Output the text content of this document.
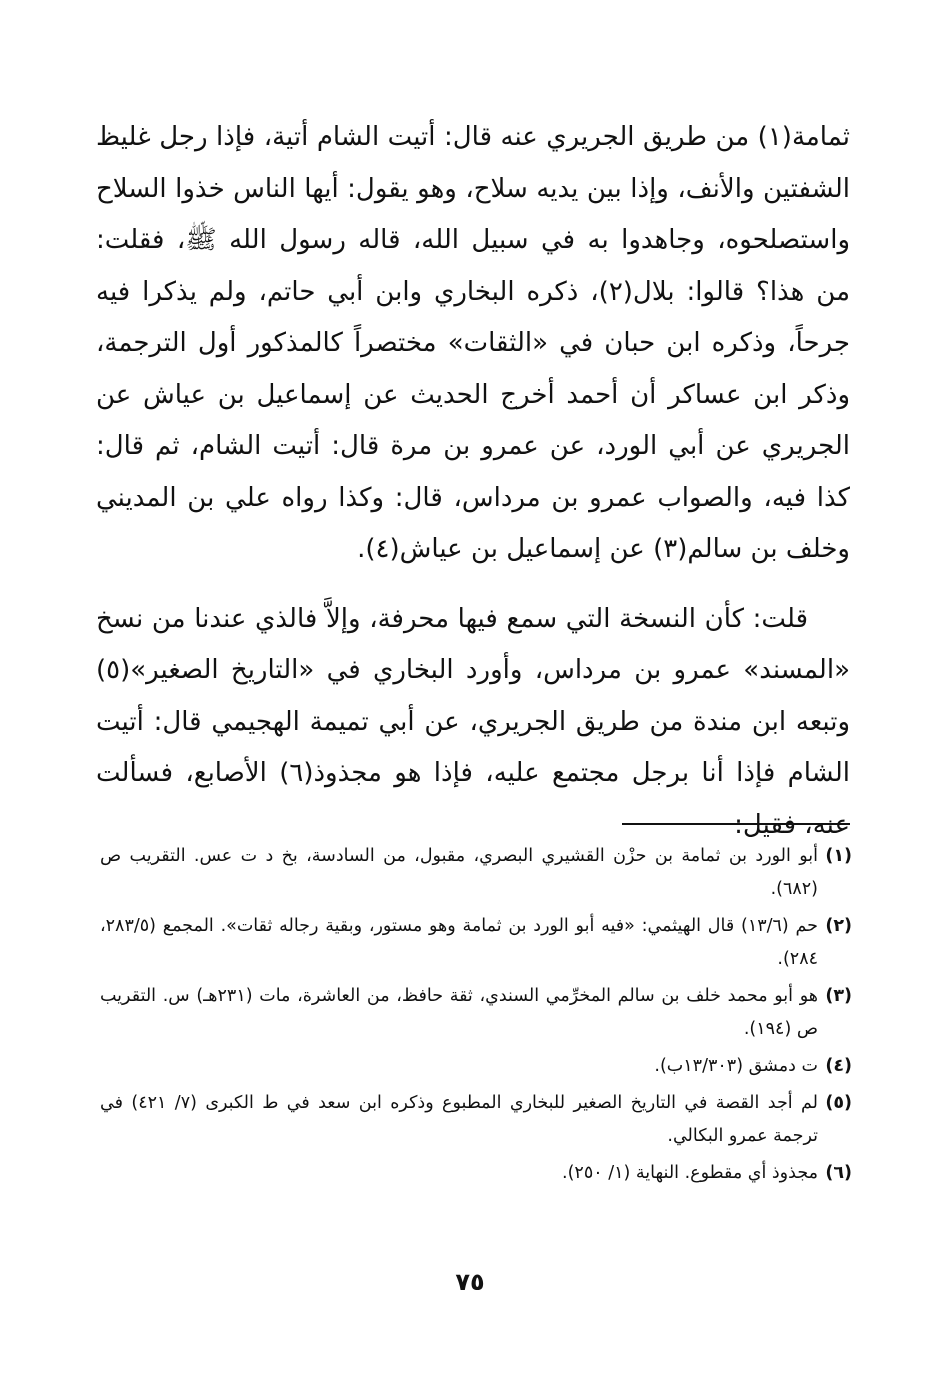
ثمامة(١) من طريق الجريري عنه قال: أتيت الشام أتية، فإذا رجل غليظ الشفتين والأنف، وإذا بين يديه سلاح، وهو يقول: أيها الناس خذوا السلاح واستصلحوه، وجاهدوا به في سبيل الله، قاله رسول الله ﷺ، فقلت: من هذا؟ قالوا: بلال(٢)، ذكره البخاري وابن أبي حاتم، ولم يذكرا فيه جرحاً، وذكره ابن حبان في «الثقات» مختصراً كالمذكور أول الترجمة، وذكر ابن عساكر أن أحمد أخرج الحديث عن إسماعيل بن عياش عن الجريري عن أبي الورد، عن عمرو بن مرة قال: أتيت الشام، ثم قال: كذا فيه، والصواب عمرو بن مرداس، قال: وكذا رواه علي بن المديني وخلف بن سالم(٣) عن إسماعيل بن عياش(٤).

قلت: كأن النسخة التي سمع فيها محرفة، وإلاَّ فالذي عندنا من نسخ «المسند» عمرو بن مرداس، وأورد البخاري في «التاريخ الصغير»(٥) وتبعه ابن مندة من طريق الجريري، عن أبي تميمة الهجيمي قال: أتيت الشام فإذا أنا برجل مجتمع عليه، فإذا هو مجذوذ(٦) الأصابع، فسألت عنه، فقيل:

(١)
أبو الورد بن ثمامة بن حزْن القشيري البصري، مقبول، من السادسة، بخ د ت عس. التقريب ص (٦٨٢).
(٢)
حم (١٣/٦) قال الهيثمي: «فيه أبو الورد بن ثمامة وهو مستور، وبقية رجاله ثقات». المجمع (٢٨٣/٥، ٢٨٤).
(٣)
هو أبو محمد خلف بن سالم المخرِّمي السندي، ثقة حافظ، من العاشرة، مات (٢٣١هـ) س. التقريب ص (١٩٤).
(٤)
ت دمشق (١٣/٣٠٣ب).
(٥)
لم أجد القصة في التاريخ الصغير للبخاري المطبوع وذكره ابن سعد في ط الكبرى (٧/ ٤٢١) في ترجمة عمرو البكالي.
(٦)
مجذوذ أي مقطوع. النهاية (١/ ٢٥٠).
٧٥
